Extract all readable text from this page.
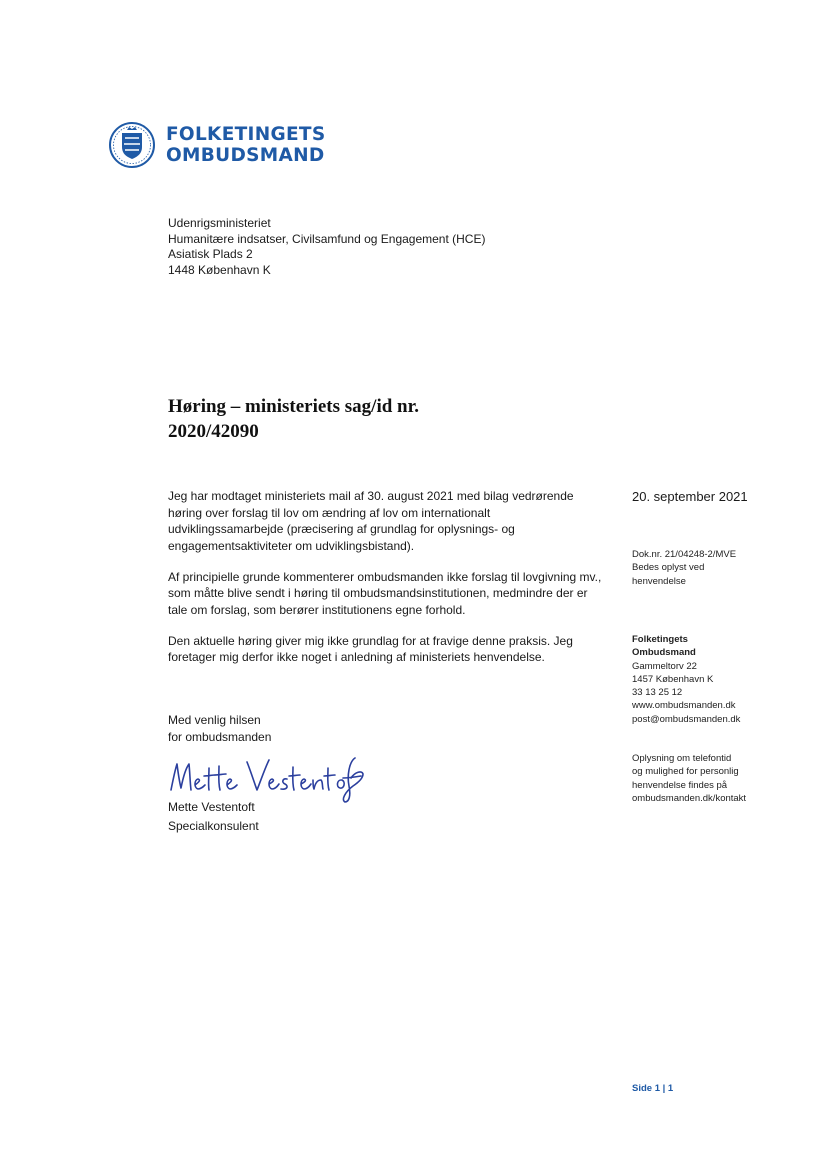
FOLKETINGETS
OMBUDSMAND
Udenrigsministeriet
Humanitære indsatser, Civilsamfund og Engagement (HCE)
Asiatisk Plads 2
1448 København K
Høring – ministeriets sag/id nr.
2020/42090

Jeg har modtaget ministeriets mail af 30. august 2021 med bilag vedrørende høring over forslag til lov om ændring af lov om internationalt udviklingssamarbejde (præcisering af grundlag for oplysnings- og engagementsaktiviteter om udviklingsbistand).

Af principielle grunde kommenterer ombudsmanden ikke forslag til lovgivning mv., som måtte blive sendt i høring til ombudsmandsinstitutionen, medmindre der er tale om forslag, som berører institutionens egne forhold.

Den aktuelle høring giver mig ikke grundlag for at fravige denne praksis. Jeg foretager mig derfor ikke noget i anledning af ministeriets henvendelse.

Med venlig hilsen
for ombudsmanden
Mette Vestentoft
Specialkonsulent
20. september 2021
Dok.nr. 21/04248-2/MVE
Bedes oplyst ved
henvendelse
Folketingets
Ombudsmand
Gammeltorv 22
1457 København K
33 13 25 12
www.ombudsmanden.dk
post@ombudsmanden.dk
Oplysning om telefontid
og mulighed for personlig
henvendelse findes på
ombudsmanden.dk/kontakt
Side 1 | 1
